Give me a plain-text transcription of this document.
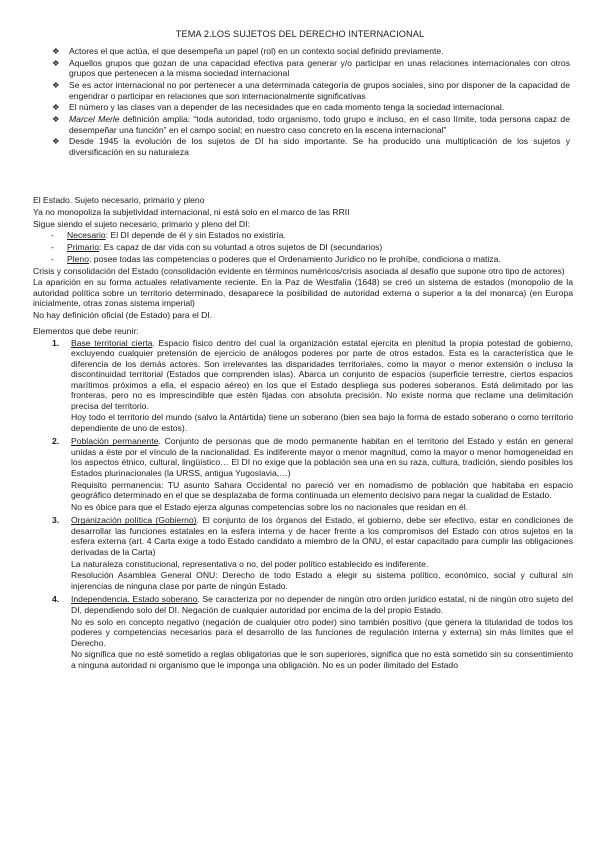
TEMA 2.LOS SUJETOS DEL DERECHO INTERNACIONAL
❖ Actores el que actúa, el que desempeña un papel (rol) en un contexto social definido previamente.
❖ Aquellos grupos que gozan de una capacidad efectiva para generar y/o participar en unas relaciones internacionales con otros grupos que pertenecen a la misma sociedad internacional
❖ Se es actor internacional no por pertenecer a una determinada categoría de grupos sociales, sino por disponer de la capacidad de engendrar o participar en relaciones que son internacionalmente significativas
❖ El número y las clases van a depender de las necesidades que en cada momento tenga la sociedad internacional.
❖ Marcel Merle definición amplia: “toda autoridad, todo organismo, todo grupo e incluso, en el caso límite, toda persona capaz de desempeñar una función” en el campo social; en nuestro caso concreto en la escena internacional”
❖ Desde 1945 la evolución de los sujetos de DI ha sido importante. Se ha producido una multiplicación de los sujetos y diversificación en su naturaleza

El Estado. Sujeto necesario, primario y pleno

Ya no monopoliza la subjetividad internacional, ni está solo en el marco de las RRII

Sigue siendo el sujeto necesario, primario y pleno del DI:

- Necesario: El DI depende de él y sin Estados no existiría.
- Primario: Es capaz de dar vida con su voluntad a otros sujetos de DI (secundarios)
- Pleno: posee todas las competencias o poderes que el Ordenamiento Jurídico no le prohíbe, condiciona o matiza.

Crisis y consolidación del Estado (consolidación evidente en términos numéricos/crisis asociada al desafío que supone otro tipo de actores)

La aparición en su forma actuales relativamente reciente. En la Paz de Westfalia (1648) se creó un sistema de estados (monopolio de la autoridad política sobre un territorio determinado, desaparece la posibilidad de autoridad externa o superior a la del monarca) (en Europa inicialmente, otras zonas sistema imperial)

No hay definición oficial (de Estado) para el DI.

Elementos que debe reunir:

1. Base territorial cierta. Espacio físico dentro del cual la organización estatal ejercita en plenitud la propia potestad de gobierno, excluyendo cualquier pretensión de ejercicio de análogos poderes por parte de otros estados. Esta es la característica que le diferencia de los demás actores. Son irrelevantes las disparidades territoriales, como la mayor o menor extensión o incluso la discontinuidad territorial (Estados que comprenden islas). Abarca un conjunto de espacios (superficie terrestre, ciertos espacios marítimos próximos a ella, el espacio aéreo) en los que el Estado despliega sus poderes soberanos. Está delimitado por las fronteras, pero no es imprescindible que estén fijadas con absoluta precisión. No existe norma que reclame una delimitación precisa del territorio.

Hoy todo el territorio del mundo (salvo la Antártida) tiene un soberano (bien sea bajo la forma de estado soberano o como territorio dependiente de uno de estos).

2. Población permanente. Conjunto de personas que de modo permanente habitan en el territorio del Estado y están en general unidas a éste por el vínculo de la nacionalidad. Es indiferente mayor o menor magnitud, como la mayor o menor homogeneidad en los aspectos étnico, cultural, lingüístico… El DI no exige que la población sea una en su raza, cultura, tradición, siendo posibles los Estados plurinacionales (la URSS, antigua Yugoslavia,…)

Requisito permanencia: TU asunto Sahara Occidental no pareció ver en nomadismo de población que habitaba en espacio geográfico determinado en el que se desplazaba de forma continuada un elemento decisivo para negar la cualidad de Estado.

No es óbice para que el Estado ejerza algunas competencias sobre los no nacionales que residan en él.

3. Organización política (Gobierno). El conjunto de los órganos del Estado, el gobierno, debe ser efectivo, estar en condiciones de desarrollar las funciones estatales en la esfera interna y de hacer frente a los compromisos del Estado con otros sujetos en la esfera externa (art. 4 Carta exige a todo Estado candidato a miembro de la ONU, el estar capacitado para cumplir las obligaciones derivadas de la Carta)

La naturaleza constitucional, representativa o no, del poder político establecido es indiferente.

Resolución Asamblea General ONU: Derecho de todo Estado a elegir su sistema político, económico, social y cultural sin injerencias de ninguna clase por parte de ningún Estado.

4. Independencia. Estado soberano. Se caracteriza por no depender de ningún otro orden jurídico estatal, ni de ningún otro sujeto del DI, dependiendo solo del DI. Negación de cualquier autoridad por encima de la del propio Estado.

No es solo en concepto negativo (negación de cualquier otro poder) sino también positivo (que genera la titularidad de todos los poderes y competencias necesarios para el desarrollo de las funciones de regulación interna y externa) sin más límites que el Derecho.

No significa que no esté sometido a reglas obligatorias que le son superiores, significa que no está sometido sin su consentimiento a ninguna autoridad ni organismo que le imponga una obligación. No es un poder ilimitado del Estado
